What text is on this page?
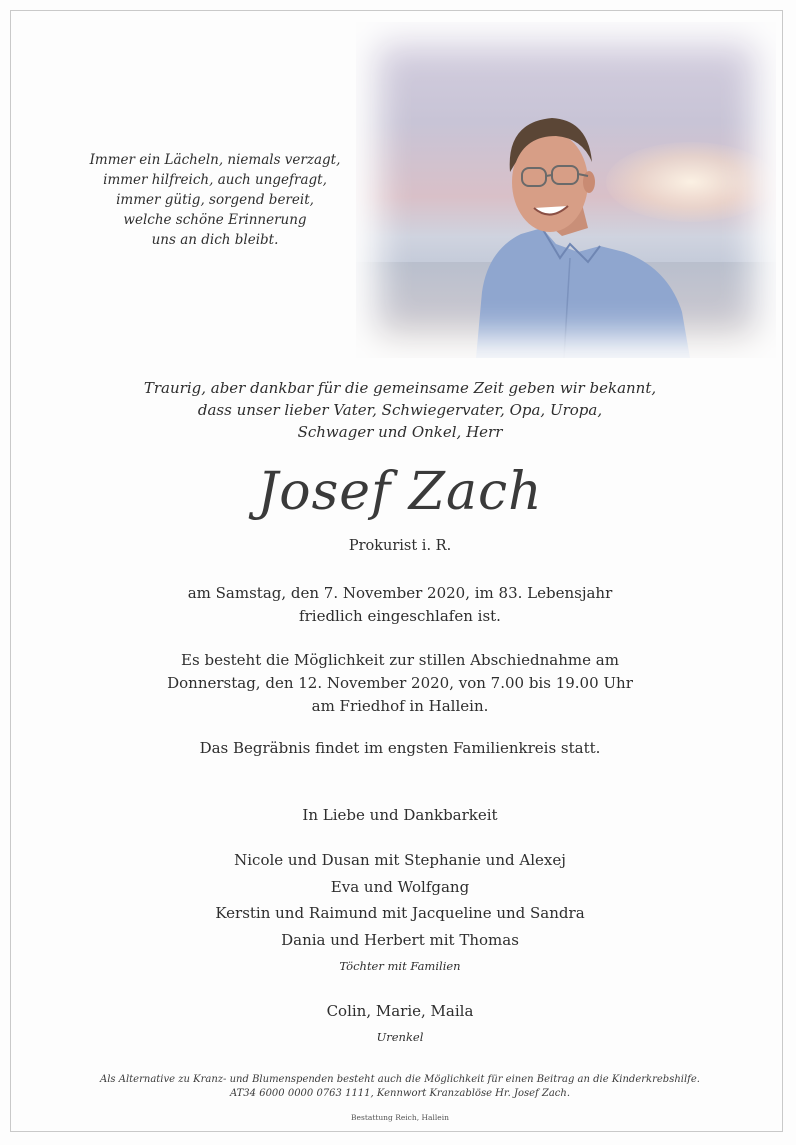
Immer ein Lächeln, niemals verzagt,
immer hilfreich, auch ungefragt,
immer gütig, sorgend bereit,
welche schöne Erinnerung
uns an dich bleibt.
Traurig, aber dankbar für die gemeinsame Zeit geben wir bekannt,
dass unser lieber Vater, Schwiegervater, Opa, Uropa,
Schwager und Onkel, Herr
Josef Zach
Prokurist i. R.
am Samstag, den 7. November 2020, im 83. Lebensjahr
friedlich eingeschlafen ist.
Es besteht die Möglichkeit zur stillen Abschiednahme am
Donnerstag, den 12. November 2020, von 7.00 bis 19.00 Uhr
am Friedhof in Hallein.
Das Begräbnis findet im engsten Familienkreis statt.
In Liebe und Dankbarkeit
Nicole und Dusan mit Stephanie und Alexej
Eva und Wolfgang
Kerstin und Raimund mit Jacqueline und Sandra
Dania und Herbert mit Thomas
Töchter mit Familien
Colin, Marie, Maila
Urenkel
Als Alternative zu Kranz- und Blumenspenden besteht auch die Möglichkeit für einen Beitrag an die Kinderkrebshilfe.
AT34 6000 0000 0763 1111, Kennwort Kranzablöse Hr. Josef Zach.
Bestattung Reich, Hallein
